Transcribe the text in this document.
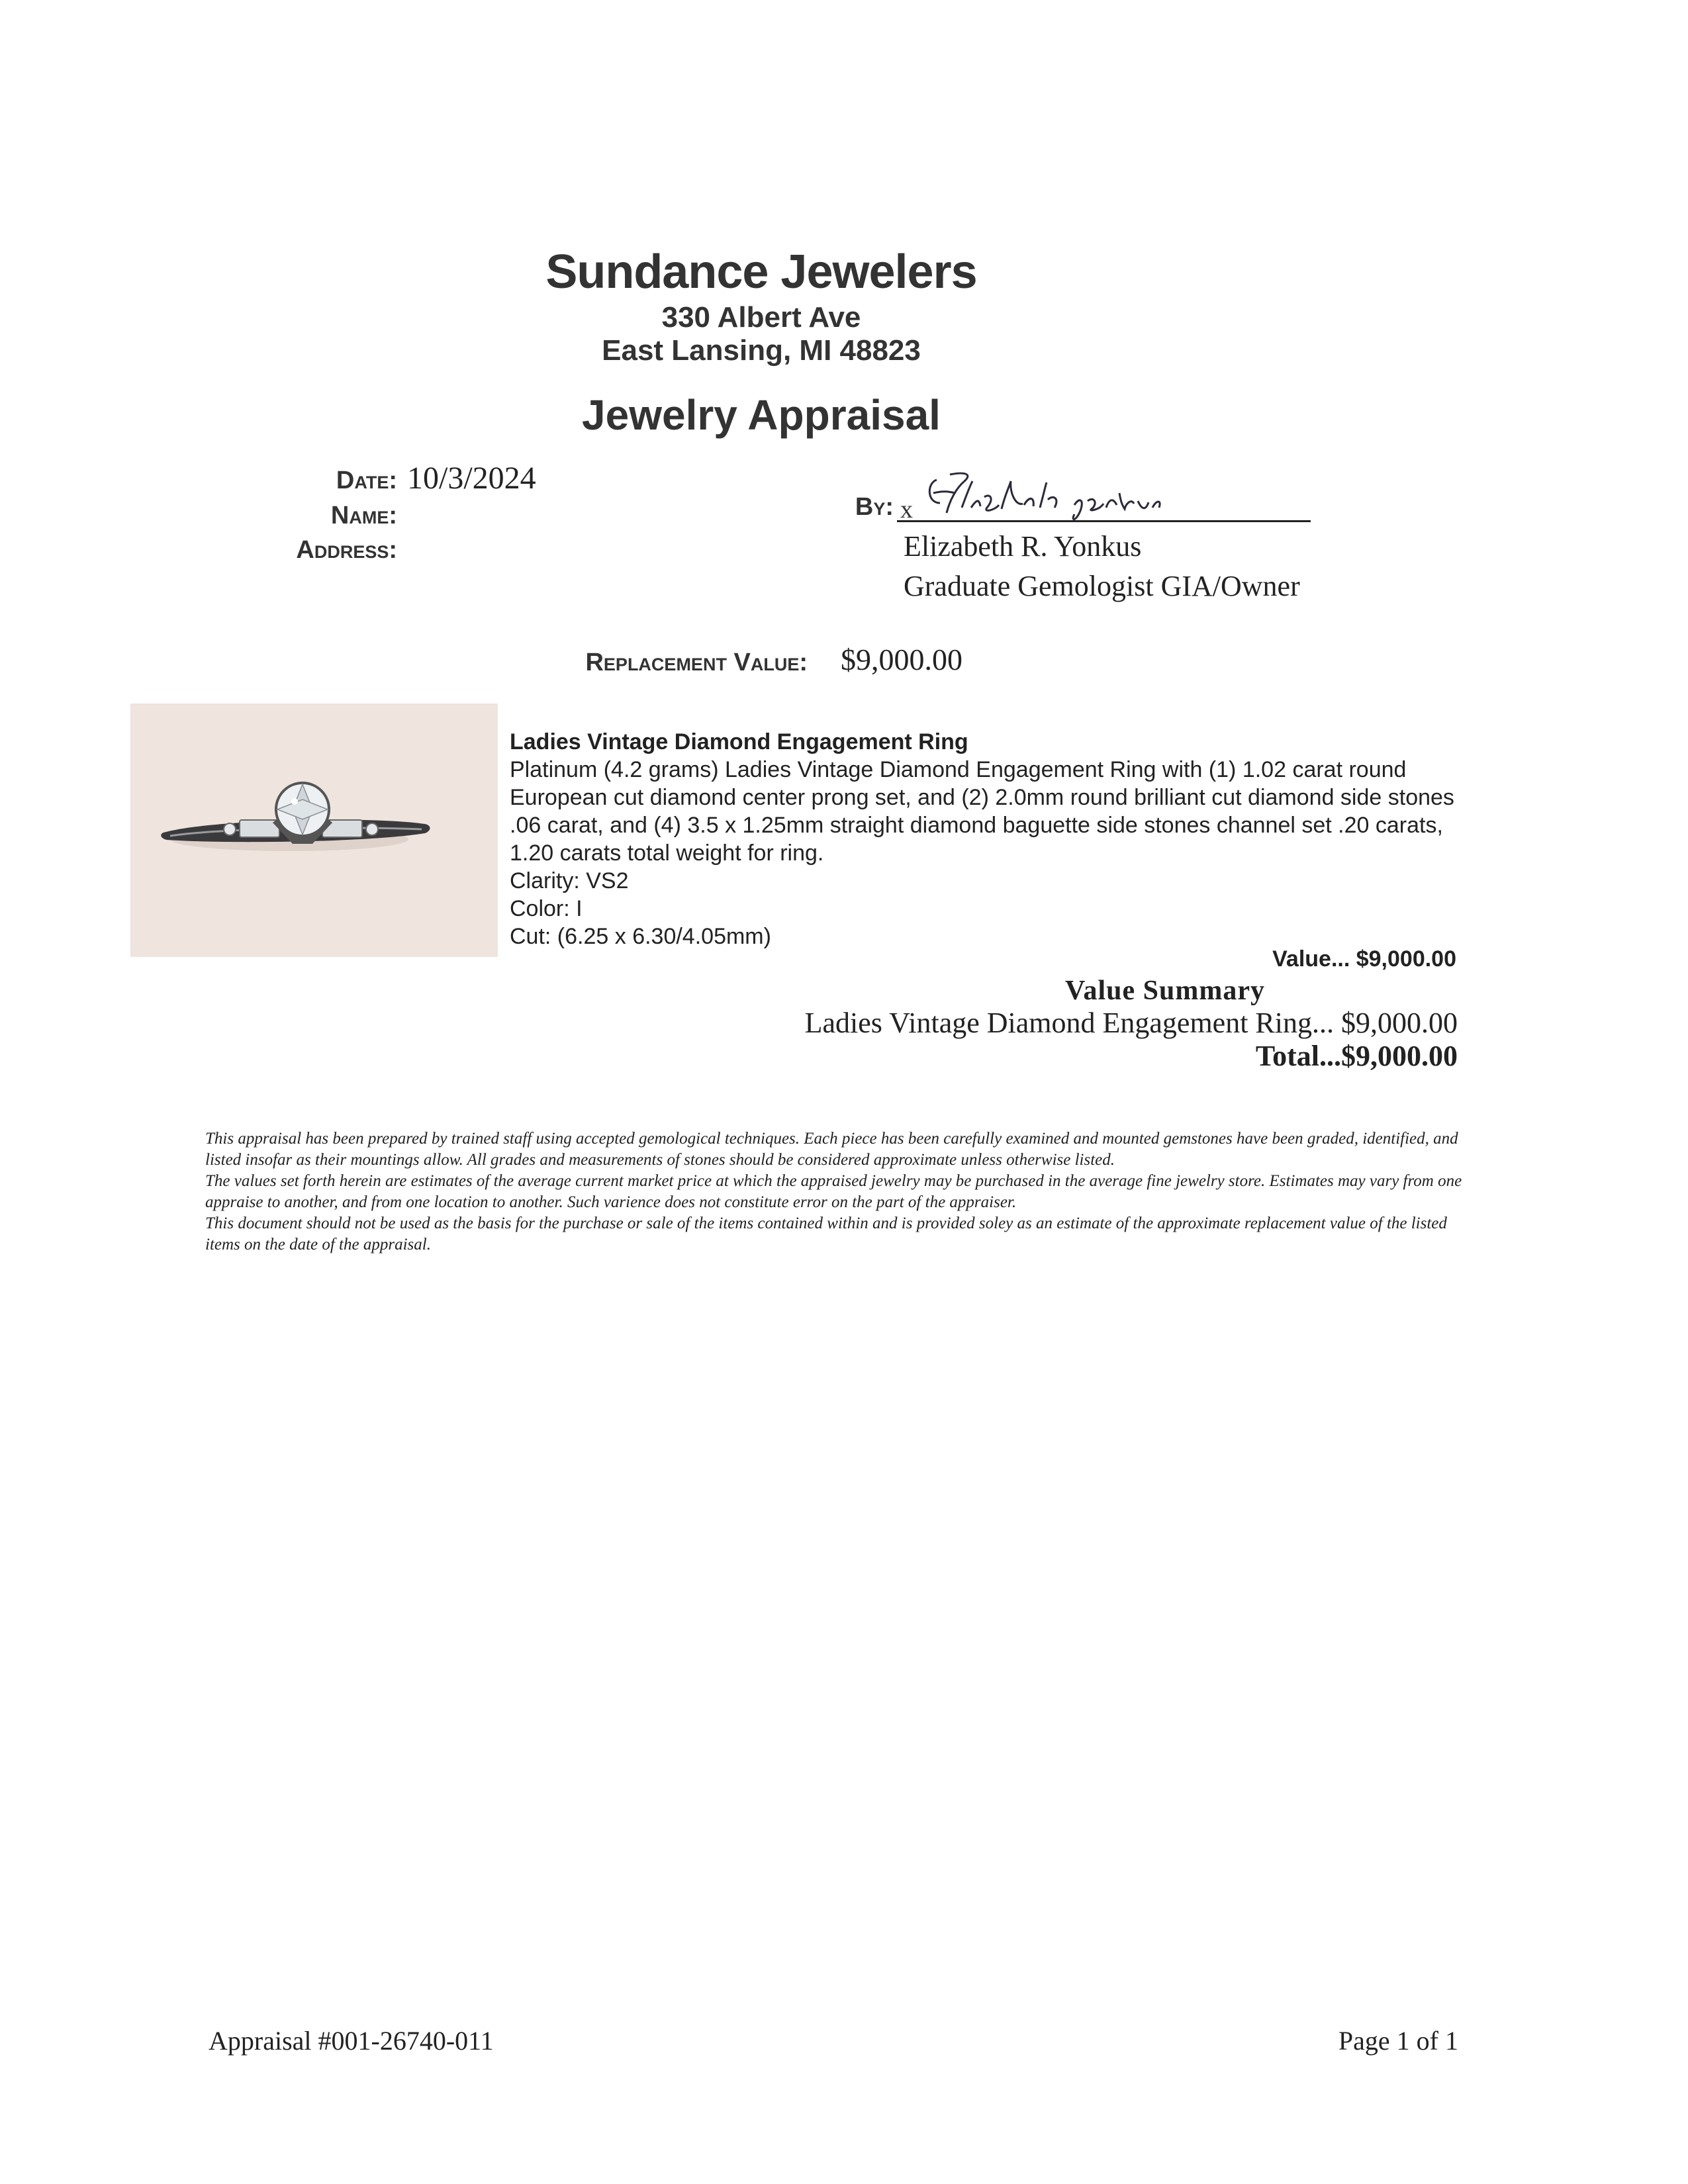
Sundance Jewelers
330 Albert Ave
East Lansing, MI 48823
Jewelry Appraisal
Date: 10/3/2024
Name:
Address:
By: x
Elizabeth R. Yonkus
Graduate Gemologist GIA/Owner
Replacement Value: $9,000.00
Ladies Vintage Diamond Engagement Ring
Platinum (4.2 grams) Ladies Vintage Diamond Engagement Ring with (1) 1.02 carat round European cut diamond center prong set, and (2) 2.0mm round brilliant cut diamond side stones .06 carat, and (4) 3.5 x 1.25mm straight diamond baguette side stones channel set .20 carats, 1.20 carats total weight for ring.
Clarity: VS2
Color: I
Cut: (6.25 x 6.30/4.05mm)
Value... $9,000.00
Value Summary
Ladies Vintage Diamond Engagement Ring... $9,000.00
Total...$9,000.00

This appraisal has been prepared by trained staff using accepted gemological techniques. Each piece has been carefully examined and mounted gemstones have been graded, identified, and listed insofar as their mountings allow. All grades and measurements of stones should be considered approximate unless otherwise listed.

The values set forth herein are estimates of the average current market price at which the appraised jewelry may be purchased in the average fine jewelry store. Estimates may vary from one appraise to another, and from one location to another. Such varience does not constitute error on the part of the appraiser.

This document should not be used as the basis for the purchase or sale of the items contained within and is provided soley as an estimate of the approximate replacement value of the listed items on the date of the appraisal.

Appraisal #001-26740-011	Page 1 of 1
